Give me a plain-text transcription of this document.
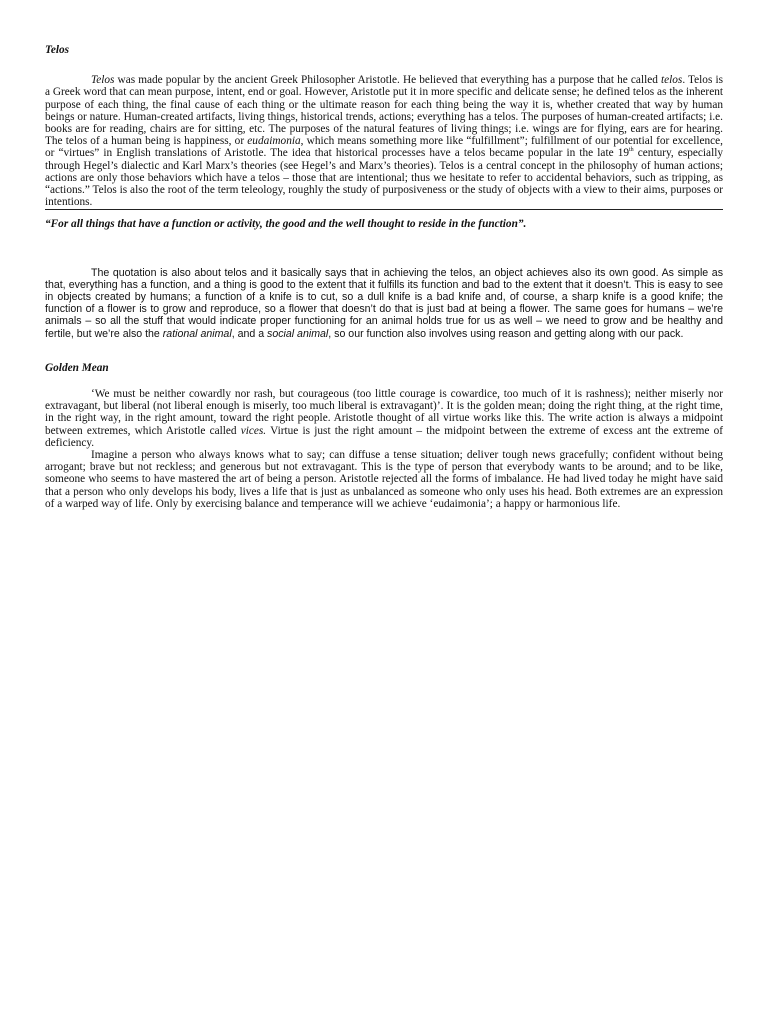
Telos

Telos was made popular by the ancient Greek Philosopher Aristotle. He believed that everything has a purpose that he called telos. Telos is a Greek word that can mean purpose, intent, end or goal. However, Aristotle put it in more specific and delicate sense; he defined telos as the inherent purpose of each thing, the final cause of each thing or the ultimate reason for each thing being the way it is, whether created that way by human beings or nature. Human-created artifacts, living things, historical trends, actions; everything has a telos. The purposes of human-created artifacts; i.e. books are for reading, chairs are for sitting, etc. The purposes of the natural features of living things; i.e. wings are for flying, ears are for hearing. The telos of a human being is happiness, or eudaimonia, which means something more like “fulfillment”; fulfillment of our potential for excellence, or “virtues” in English translations of Aristotle. The idea that historical processes have a telos became popular in the late 19th century, especially through Hegel’s dialectic and Karl Marx’s theories (see Hegel’s and Marx’s theories). Telos is a central concept in the philosophy of human actions; actions are only those behaviors which have a telos – those that are intentional; thus we hesitate to refer to accidental behaviors, such as tripping, as “actions.” Telos is also the root of the term teleology, roughly the study of purposiveness or the study of objects with a view to their aims, purposes or intentions.

“For all things that have a function or activity, the good and the well thought to reside in the function”.

The quotation is also about telos and it basically says that in achieving the telos, an object achieves also its own good. As simple as that, everything has a function, and a thing is good to the extent that it fulfills its function and bad to the extent that it doesn’t. This is easy to see in objects created by humans; a function of a knife is to cut, so a dull knife is a bad knife and, of course, a sharp knife is a good knife; the function of a flower is to grow and reproduce, so a flower that doesn’t do that is just bad at being a flower. The same goes for humans – we’re animals – so all the stuff that would indicate proper functioning for an animal holds true for us as well – we need to grow and be healthy and fertile, but we’re also the rational animal, and a social animal, so our function also involves using reason and getting along with our pack.

Golden Mean

‘We must be neither cowardly nor rash, but courageous (too little courage is cowardice, too much of it is rashness); neither miserly nor extravagant, but liberal (not liberal enough is miserly, too much liberal is extravagant)’. It is the golden mean; doing the right thing, at the right time, in the right way, in the right amount, toward the right people. Aristotle thought of all virtue works like this. The write action is always a midpoint between extremes, which Aristotle called vices. Virtue is just the right amount – the midpoint between the extreme of excess ant the extreme of deficiency.

Imagine a person who always knows what to say; can diffuse a tense situation; deliver tough news gracefully; confident without being arrogant; brave but not reckless; and generous but not extravagant. This is the type of person that everybody wants to be around; and to be like, someone who seems to have mastered the art of being a person. Aristotle rejected all the forms of imbalance. He had lived today he might have said that a person who only develops his body, lives a life that is just as unbalanced as someone who only uses his head. Both extremes are an expression of a warped way of life. Only by exercising balance and temperance will we achieve ‘eudaimonia’; a happy or harmonious life.
